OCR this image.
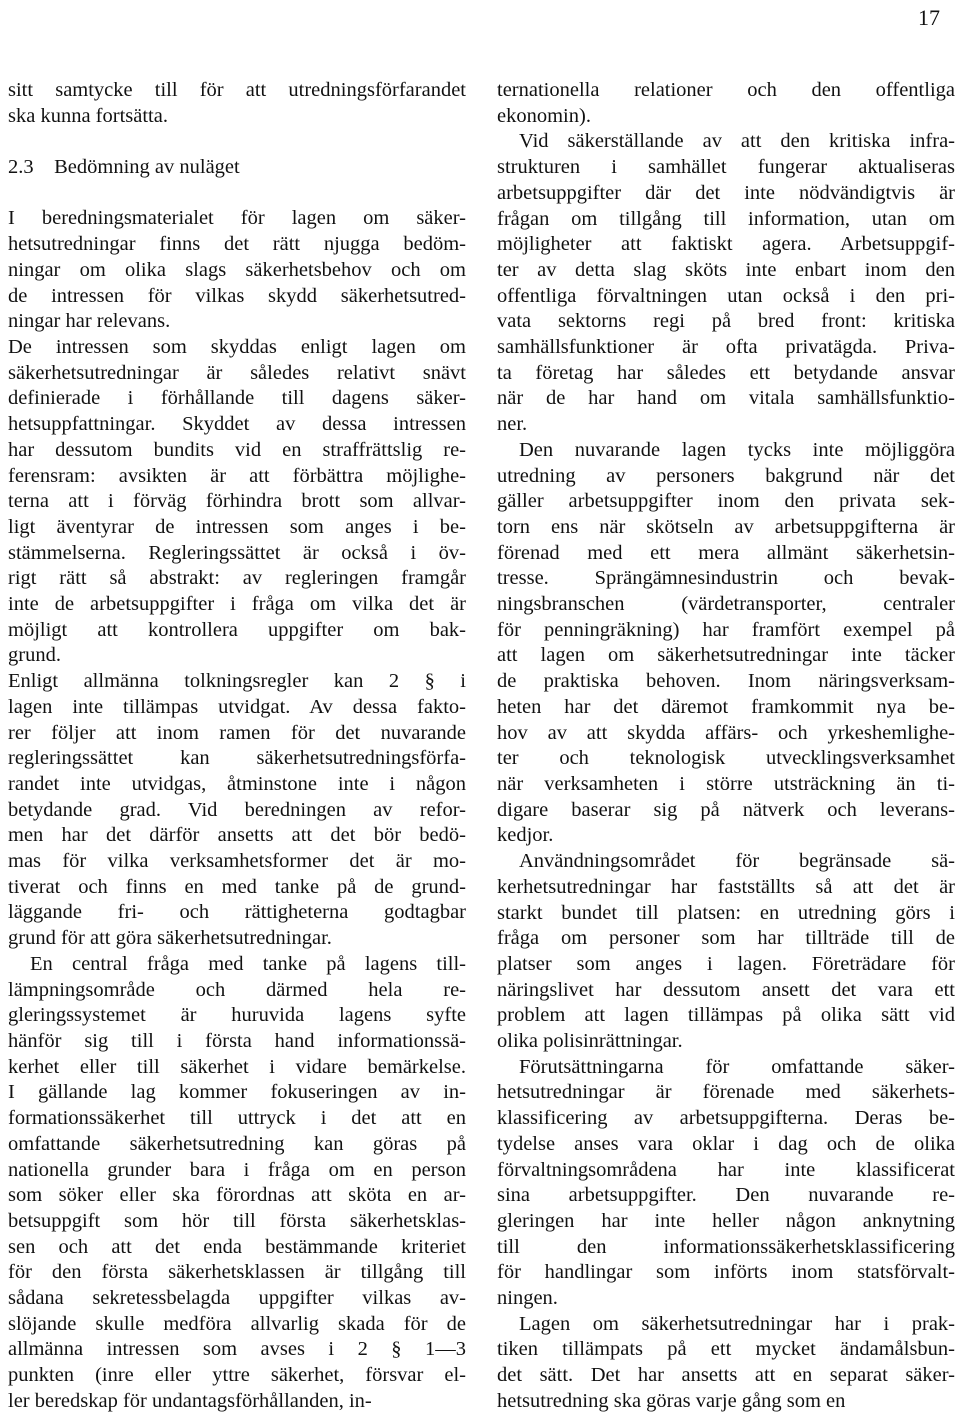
17
sitt samtycke till för att utredningsförfarandet
ska kunna fortsätta.
2.3 Bedömning av nuläget
I beredningsmaterialet för lagen om säker-
hetsutredningar finns det rätt njugga bedöm-
ningar om olika slags säkerhetsbehov och om
de intressen för vilkas skydd säkerhetsutred-
ningar har relevans.
De intressen som skyddas enligt lagen om
säkerhetsutredningar är således relativt snävt
definierade i förhållande till dagens säker-
hetsuppfattningar. Skyddet av dessa intressen
har dessutom bundits vid en straffrättslig re-
ferensram: avsikten är att förbättra möjlighe-
terna att i förväg förhindra brott som allvar-
ligt äventyrar de intressen som anges i be-
stämmelserna. Regleringssättet är också i öv-
rigt rätt så abstrakt: av regleringen framgår
inte de arbetsuppgifter i fråga om vilka det är
möjligt att kontrollera uppgifter om bak-
grund.
Enligt allmänna tolkningsregler kan 2 § i
lagen inte tillämpas utvidgat. Av dessa fakto-
rer följer att inom ramen för det nuvarande
regleringssättet kan säkerhetsutredningsförfa-
randet inte utvidgas, åtminstone inte i någon
betydande grad. Vid beredningen av refor-
men har det därför ansetts att det bör bedö-
mas för vilka verksamhetsformer det är mo-
tiverat och finns en med tanke på de grund-
läggande fri- och rättigheterna godtagbar
grund för att göra säkerhetsutredningar.
En central fråga med tanke på lagens till-
lämpningsområde och därmed hela re-
gleringssystemet är huruvida lagens syfte
hänför sig till i första hand informationssä-
kerhet eller till säkerhet i vidare bemärkelse.
I gällande lag kommer fokuseringen av in-
formationssäkerhet till uttryck i det att en
omfattande säkerhetsutredning kan göras på
nationella grunder bara i fråga om en person
som söker eller ska förordnas att sköta en ar-
betsuppgift som hör till första säkerhetsklas-
sen och att det enda bestämmande kriteriet
för den första säkerhetsklassen är tillgång till
sådana sekretessbelagda uppgifter vilkas av-
slöjande skulle medföra allvarlig skada för de
allmänna intressen som avses i 2 § 1—3
punkten (inre eller yttre säkerhet, försvar el-
ler beredskap för undantagsförhållanden, in-
ternationella relationer och den offentliga
ekonomin).
Vid säkerställande av att den kritiska infra-
strukturen i samhället fungerar aktualiseras
arbetsuppgifter där det inte nödvändigtvis är
frågan om tillgång till information, utan om
möjligheter att faktiskt agera. Arbetsuppgif-
ter av detta slag sköts inte enbart inom den
offentliga förvaltningen utan också i den pri-
vata sektorns regi på bred front: kritiska
samhällsfunktioner är ofta privatägda. Priva-
ta företag har således ett betydande ansvar
när de har hand om vitala samhällsfunktio-
ner.
Den nuvarande lagen tycks inte möjliggöra
utredning av personers bakgrund när det
gäller arbetsuppgifter inom den privata sek-
torn ens när skötseln av arbetsuppgifterna är
förenad med ett mera allmänt säkerhetsin-
tresse. Sprängämnesindustrin och bevak-
ningsbranschen (värdetransporter, centraler
för penningräkning) har framfört exempel på
att lagen om säkerhetsutredningar inte täcker
de praktiska behoven. Inom näringsverksam-
heten har det däremot framkommit nya be-
hov av att skydda affärs- och yrkeshemlighe-
ter och teknologisk utvecklingsverksamhet
när verksamheten i större utsträckning än ti-
digare baserar sig på nätverk och leverans-
kedjor.
Användningsområdet för begränsade sä-
kerhetsutredningar har fastställts så att det är
starkt bundet till platsen: en utredning görs i
fråga om personer som har tillträde till de
platser som anges i lagen. Företrädare för
näringslivet har dessutom ansett det vara ett
problem att lagen tillämpas på olika sätt vid
olika polisinrättningar.
Förutsättningarna för omfattande säker-
hetsutredningar är förenade med säkerhets-
klassificering av arbetsuppgifterna. Deras be-
tydelse anses vara oklar i dag och de olika
förvaltningsområdena har inte klassificerat
sina arbetsuppgifter. Den nuvarande re-
gleringen har inte heller någon anknytning
till den informationssäkerhetsklassificering
för handlingar som införts inom statsförvalt-
ningen.
Lagen om säkerhetsutredningar har i prak-
tiken tillämpats på ett mycket ändamålsbun-
det sätt. Det har ansetts att en separat säker-
hetsutredning ska göras varje gång som en
